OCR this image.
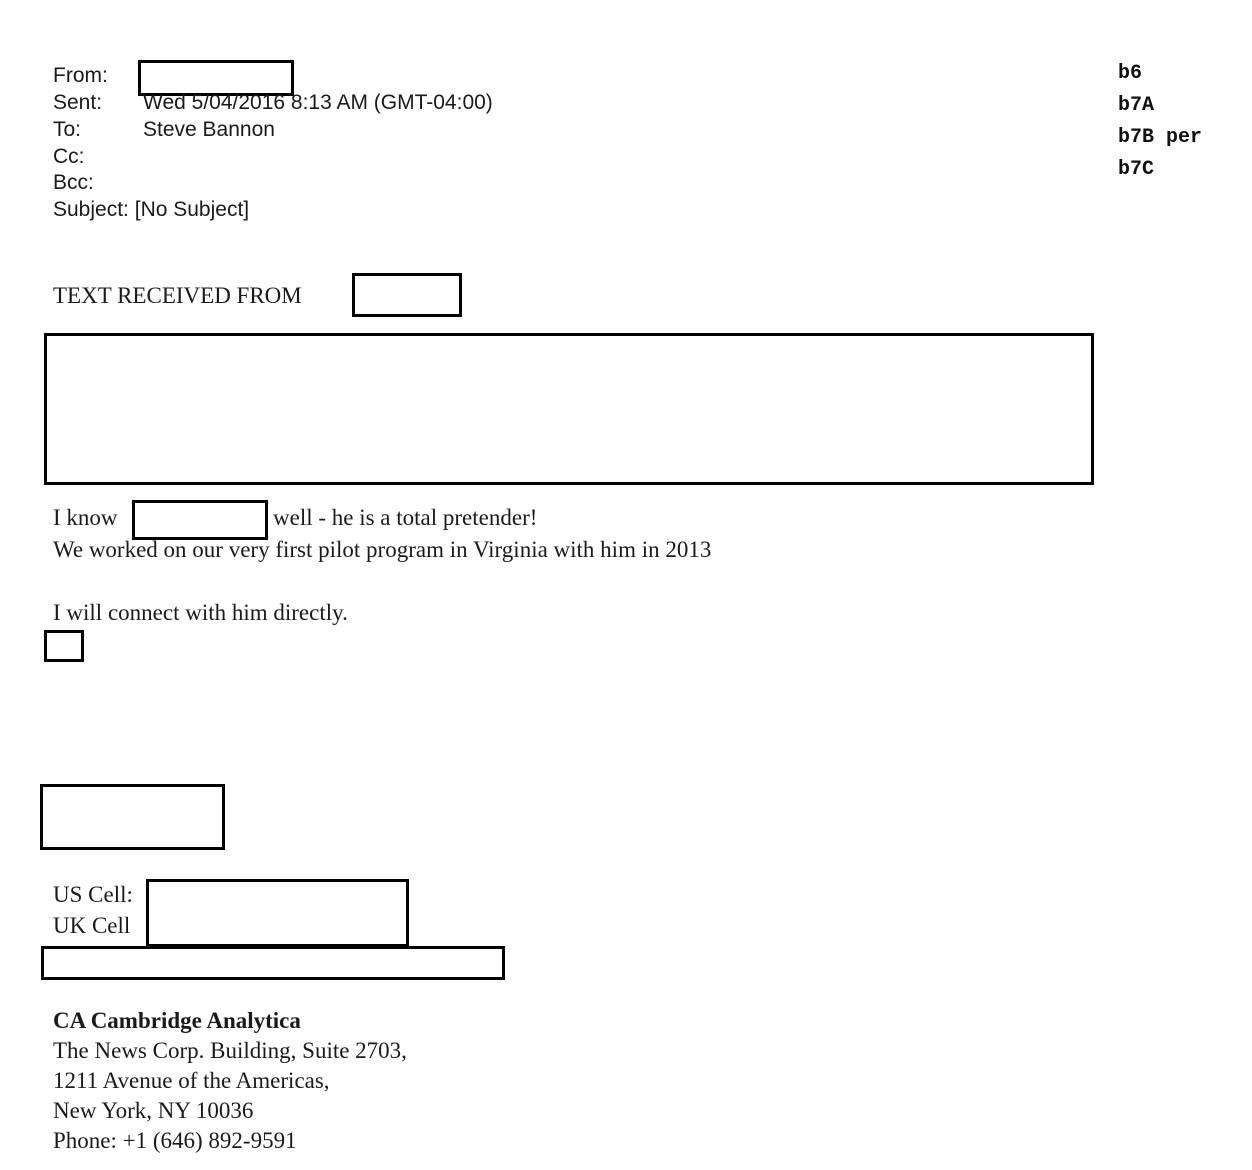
From:
Sent: Wed 5/04/2016 8:13 AM (GMT-04:00)
To:	Steve Bannon
Cc:
Bcc:
Subject: [No Subject]
b6
b7A
b7B per
b7C
TEXT RECEIVED FROM
I know	well - he is a total pretender!
We worked on our very first pilot program in Virginia with him in 2013
I will connect with him directly.
US Cell:
UK Cell
CA Cambridge Analytica
The News Corp. Building, Suite 2703,
1211 Avenue of the Americas,
New York, NY 10036
Phone: +1 (646) 892-9591
